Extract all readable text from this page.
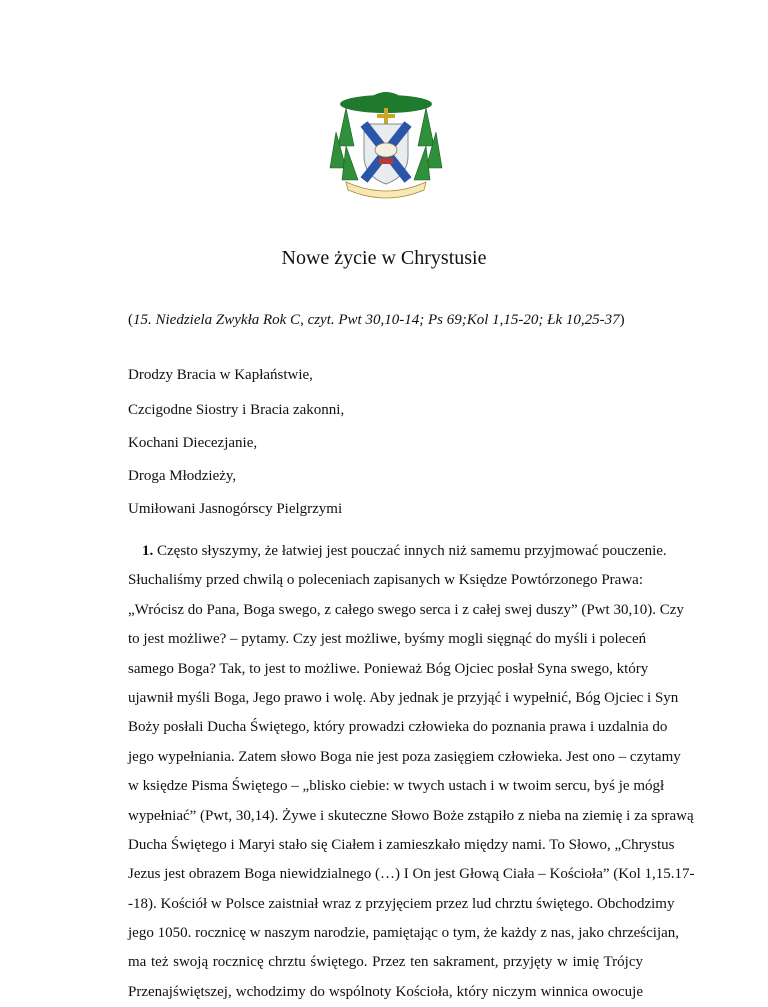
Nowe życie w Chrystusie
(15. Niedziela Zwykła Rok C, czyt. Pwt 30,10-14; Ps 69;Kol 1,15-20; Łk 10,25-37)
Drodzy Bracia w Kapłaństwie,
Czcigodne Siostry i Bracia zakonni,
Kochani Diecezjanie,
Droga Młodzieży,
Umiłowani Jasnogórscy Pielgrzymi
1. Często słyszymy, że łatwiej jest pouczać innych niż samemu przyjmować pouczenie.
Słuchaliśmy przed chwilą o poleceniach zapisanych w Księdze Powtórzonego Prawa:
„Wrócisz do Pana, Boga swego, z całego swego serca i z całej swej duszy” (Pwt 30,10). Czy
to jest możliwe? – pytamy. Czy jest możliwe, byśmy mogli sięgnąć do myśli i poleceń
samego Boga? Tak, to jest to możliwe. Ponieważ Bóg Ojciec posłał Syna swego, który
ujawnił myśli Boga, Jego prawo i wolę. Aby jednak je przyjąć i wypełnić, Bóg Ojciec i Syn
Boży posłali Ducha Świętego, który prowadzi człowieka do poznania prawa i uzdalnia do
jego wypełniania. Zatem słowo Boga nie jest poza zasięgiem człowieka. Jest ono – czytamy
w księdze Pisma Świętego – „blisko ciebie: w twych ustach i w twoim sercu, byś je mógł
wypełniać” (Pwt, 30,14). Żywe i skuteczne Słowo Boże zstąpiło z nieba na ziemię i za sprawą
Ducha Świętego i Maryi stało się Ciałem i zamieszkało między nami. To Słowo, „Chrystus
Jezus jest obrazem Boga niewidzialnego (…) I On jest Głową Ciała – Kościoła” (Kol 1,15.17-
-18). Kościół w Polsce zaistniał wraz z przyjęciem przez lud chrztu świętego. Obchodzimy
jego 1050. rocznicę w naszym narodzie, pamiętając o tym, że każdy z nas, jako chrześcijan,
ma też swoją rocznicę chrztu świętego. Przez ten sakrament, przyjęty w imię Trójcy
Przenajświętszej, wchodzimy do wspólnoty Kościoła, który niczym winnica owocuje
